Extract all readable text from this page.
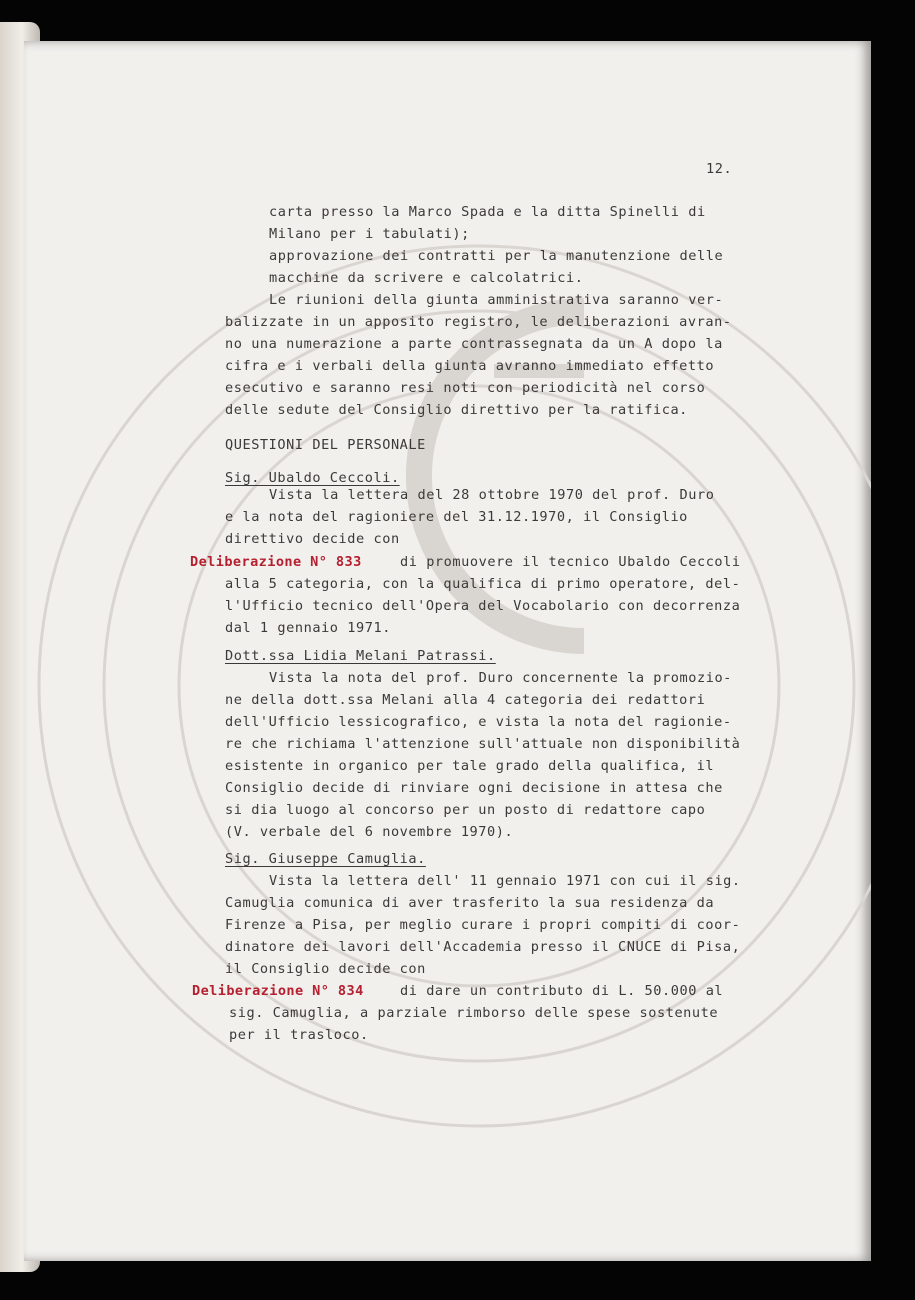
12.
carta presso la Marco Spada e la ditta Spinelli di
Milano per i tabulati);
approvazione dei contratti per la manutenzione delle
macchine da scrivere e calcolatrici.
Le riunioni della giunta amministrativa saranno ver-
balizzate in un apposito registro, le deliberazioni avran-
no una numerazione a parte contrassegnata da un A dopo la
cifra e i verbali della giunta avranno immediato effetto
esecutivo e saranno resi noti con periodicità nel corso
delle sedute del Consiglio direttivo per la ratifica.
QUESTIONI DEL PERSONALE
Sig. Ubaldo Ceccoli.
Vista la lettera del 28 ottobre 1970 del prof. Duro
e la nota del ragioniere del 31.12.1970, il Consiglio
direttivo decide con
Deliberazione N° 833	di promuovere il tecnico Ubaldo Ceccoli
alla 5 categoria, con la qualifica di primo operatore, del-
l'Ufficio tecnico dell'Opera del Vocabolario con decorrenza
dal 1 gennaio 1971.
Dott.ssa Lidia Melani Patrassi.
Vista la nota del prof. Duro concernente la promozio-
ne della dott.ssa Melani alla 4 categoria dei redattori
dell'Ufficio lessicografico, e vista la nota del ragionie-
re che richiama l'attenzione sull'attuale non disponibilità
esistente in organico per tale grado della qualifica, il
Consiglio decide di rinviare ogni decisione in attesa che
si dia luogo al concorso per un posto di redattore capo
(V. verbale del 6 novembre 1970).
Sig. Giuseppe Camuglia.
Vista la lettera dell' 11 gennaio 1971 con cui il sig.
Camuglia comunica di aver trasferito la sua residenza da
Firenze a Pisa, per meglio curare i propri compiti di coor-
dinatore dei lavori dell'Accademia presso il CNUCE di Pisa,
il Consiglio decide con
Deliberazione N° 834	di dare un contributo di L. 50.000 al
sig. Camuglia, a parziale rimborso delle spese sostenute
per il trasloco.
